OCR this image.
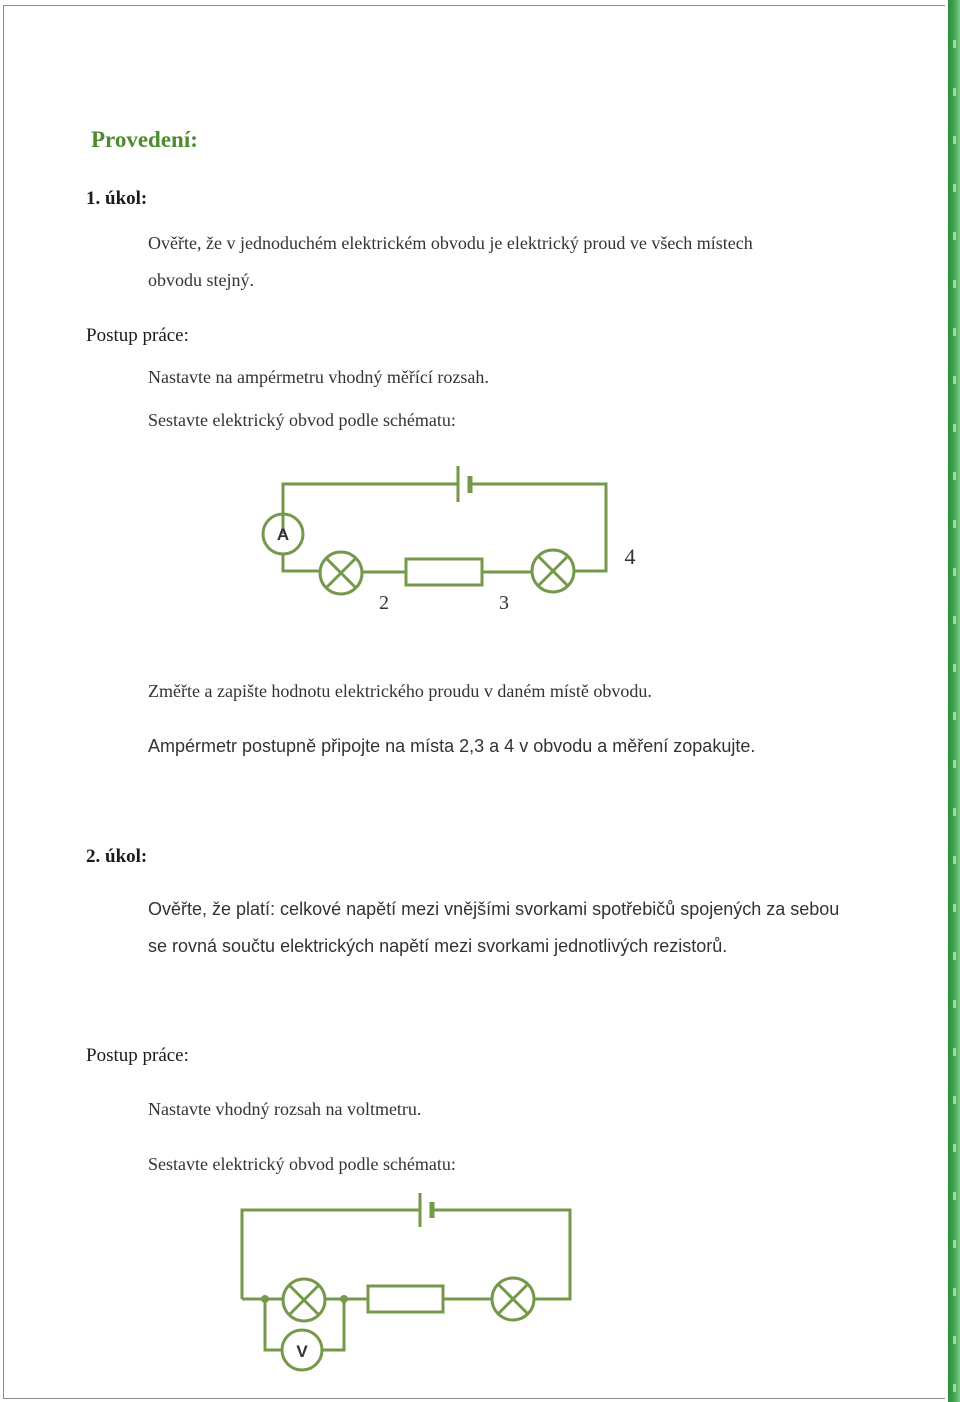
Provedení:
1. úkol:
Ověřte, že v jednoduchém elektrickém obvodu je elektrický proud ve všech místech
obvodu stejný.
Postup práce:
Nastavte na ampérmetru vhodný měřící rozsah.
Sestavte elektrický obvod podle schématu:
A
2	3
4
V
Změřte a zapište hodnotu elektrického proudu v daném místě obvodu.
Ampérmetr postupně připojte na místa 2,3 a 4 v obvodu a měření zopakujte.
2. úkol:
Ověřte, že platí: celkové napětí mezi vnějšími svorkami spotřebičů spojených za sebou
se rovná součtu elektrických napětí mezi svorkami jednotlivých rezistorů.
Postup práce:
Nastavte vhodný rozsah na voltmetru.
Sestavte elektrický obvod podle schématu:
